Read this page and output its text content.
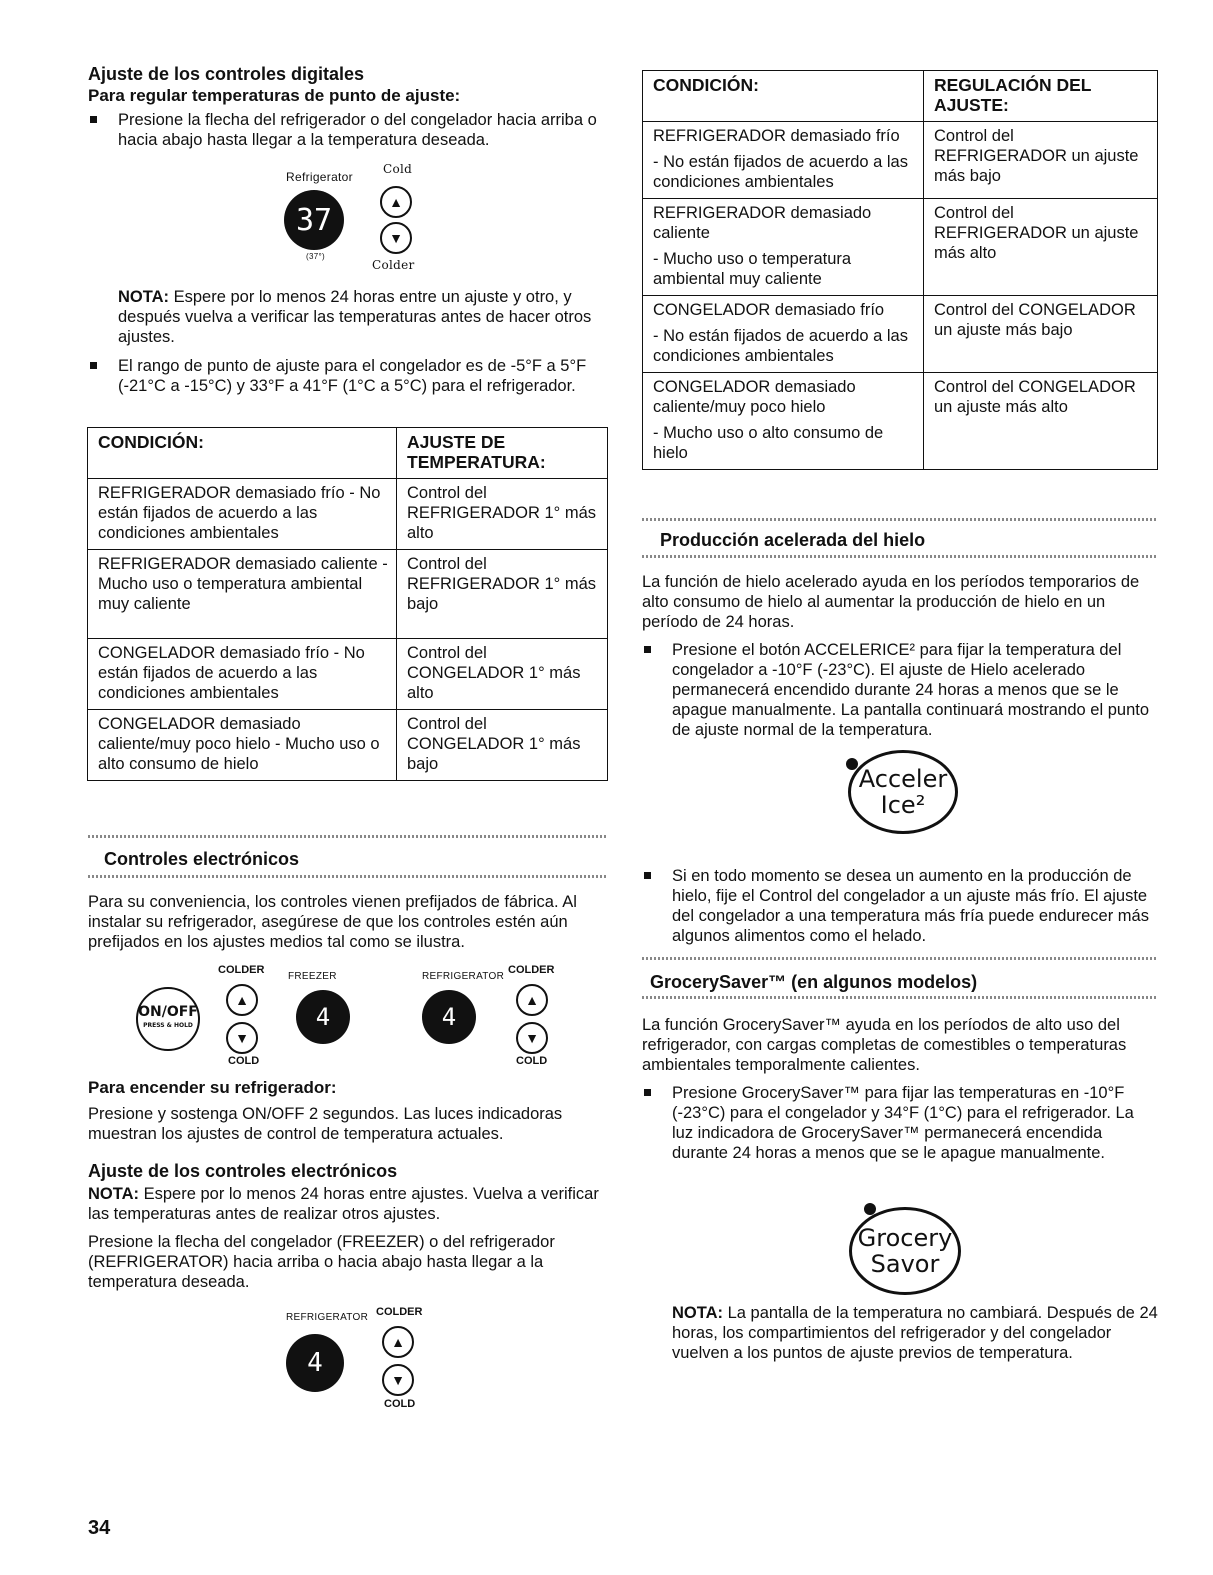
Ajuste de los controles digitales
Para regular temperaturas de punto de ajuste:
Presione la flecha del refrigerador o del congelador hacia arriba o hacia abajo hasta llegar a la temperatura deseada.
Refrigerator
Cold
37
(37°)
▲
▼
Colder

NOTA: Espere por lo menos 24 horas entre un ajuste y otro, y después vuelva a verificar las temperaturas antes de hacer otros ajustes.

El rango de punto de ajuste para el congelador es de -5°F a 5°F (-21°C a -15°C) y 33°F a 41°F (1°C a 5°C) para el refrigerador.
CONDICIÓN:	AJUSTE DE TEMPERATURA:
REFRIGERADOR demasiado frío - No están fijados de acuerdo a las condiciones ambientales	Control del REFRIGERADOR 1° más alto
REFRIGERADOR demasiado caliente - Mucho uso o temperatura ambiental muy caliente	Control del REFRIGERADOR 1° más bajo
CONGELADOR demasiado frío - No están fijados de acuerdo a las condiciones ambientales	Control del CONGELADOR 1° más alto
CONGELADOR demasiado caliente/muy poco hielo - Mucho uso o alto consumo de hielo	Control del CONGELADOR 1° más bajo
Controles electrónicos

Para su conveniencia, los controles vienen prefijados de fábrica. Al instalar su refrigerador, asegúrese de que los controles estén aún prefijados en los ajustes medios tal como se ilustra.

ON/OFF
PRESS & HOLD
COLDER
▲
▼
COLD
FREEZER
4
REFRIGERATOR
4
COLDER
▲
▼
COLD
Para encender su refrigerador:

Presione y sostenga ON/OFF 2 segundos. Las luces indicadoras muestran los ajustes de control de temperatura actuales.

Ajuste de los controles electrónicos

NOTA: Espere por lo menos 24 horas entre ajustes. Vuelva a verificar las temperaturas antes de realizar otros ajustes.

Presione la flecha del congelador (FREEZER) o del refrigerador (REFRIGERATOR) hacia arriba o hacia abajo hasta llegar a la temperatura deseada.

REFRIGERATOR COLDER
4
▲
▼
COLD
34
CONDICIÓN:	REGULACIÓN DEL AJUSTE:

REFRIGERADOR demasiado frío
- No están fijados de acuerdo a las condiciones ambientales	Control del REFRIGERADOR un ajuste más bajo

REFRIGERADOR demasiado caliente
- Mucho uso o temperatura ambiental muy caliente	Control del REFRIGERADOR un ajuste más alto

CONGELADOR demasiado frío
- No están fijados de acuerdo a las condiciones ambientales	Control del CONGELADOR un ajuste más bajo

CONGELADOR demasiado caliente/muy poco hielo
- Mucho uso o alto consumo de hielo	Control del CONGELADOR un ajuste más alto
Producción acelerada del hielo

La función de hielo acelerado ayuda en los períodos temporarios de alto consumo de hielo al aumentar la producción de hielo en un período de 24 horas.

Presione el botón ACCELERICE² para fijar la temperatura del congelador a -10°F (-23°C). El ajuste de Hielo acelerado permanecerá encendido durante 24 horas a menos que se le apague manualmente. La pantalla continuará mostrando el punto de ajuste normal de la temperatura.
Acceler
Ice²
Si en todo momento se desea un aumento en la producción de hielo, fije el Control del congelador a un ajuste más frío. El ajuste del congelador a una temperatura más fría puede endurecer más algunos alimentos como el helado.
GrocerySaver™ (en algunos modelos)

La función GrocerySaver™ ayuda en los períodos de alto uso del refrigerador, con cargas completas de comestibles o temperaturas ambientales temporalmente calientes.

Presione GrocerySaver™ para fijar las temperaturas en -10°F (-23°C) para el congelador y 34°F (1°C) para el refrigerador. La luz indicadora de GrocerySaver™ permanecerá encendida durante 24 horas a menos que se le apague manualmente.
Grocery
Savor

NOTA: La pantalla de la temperatura no cambiará. Después de 24 horas, los compartimientos del refrigerador y del congelador vuelven a los puntos de ajuste previos de temperatura.
